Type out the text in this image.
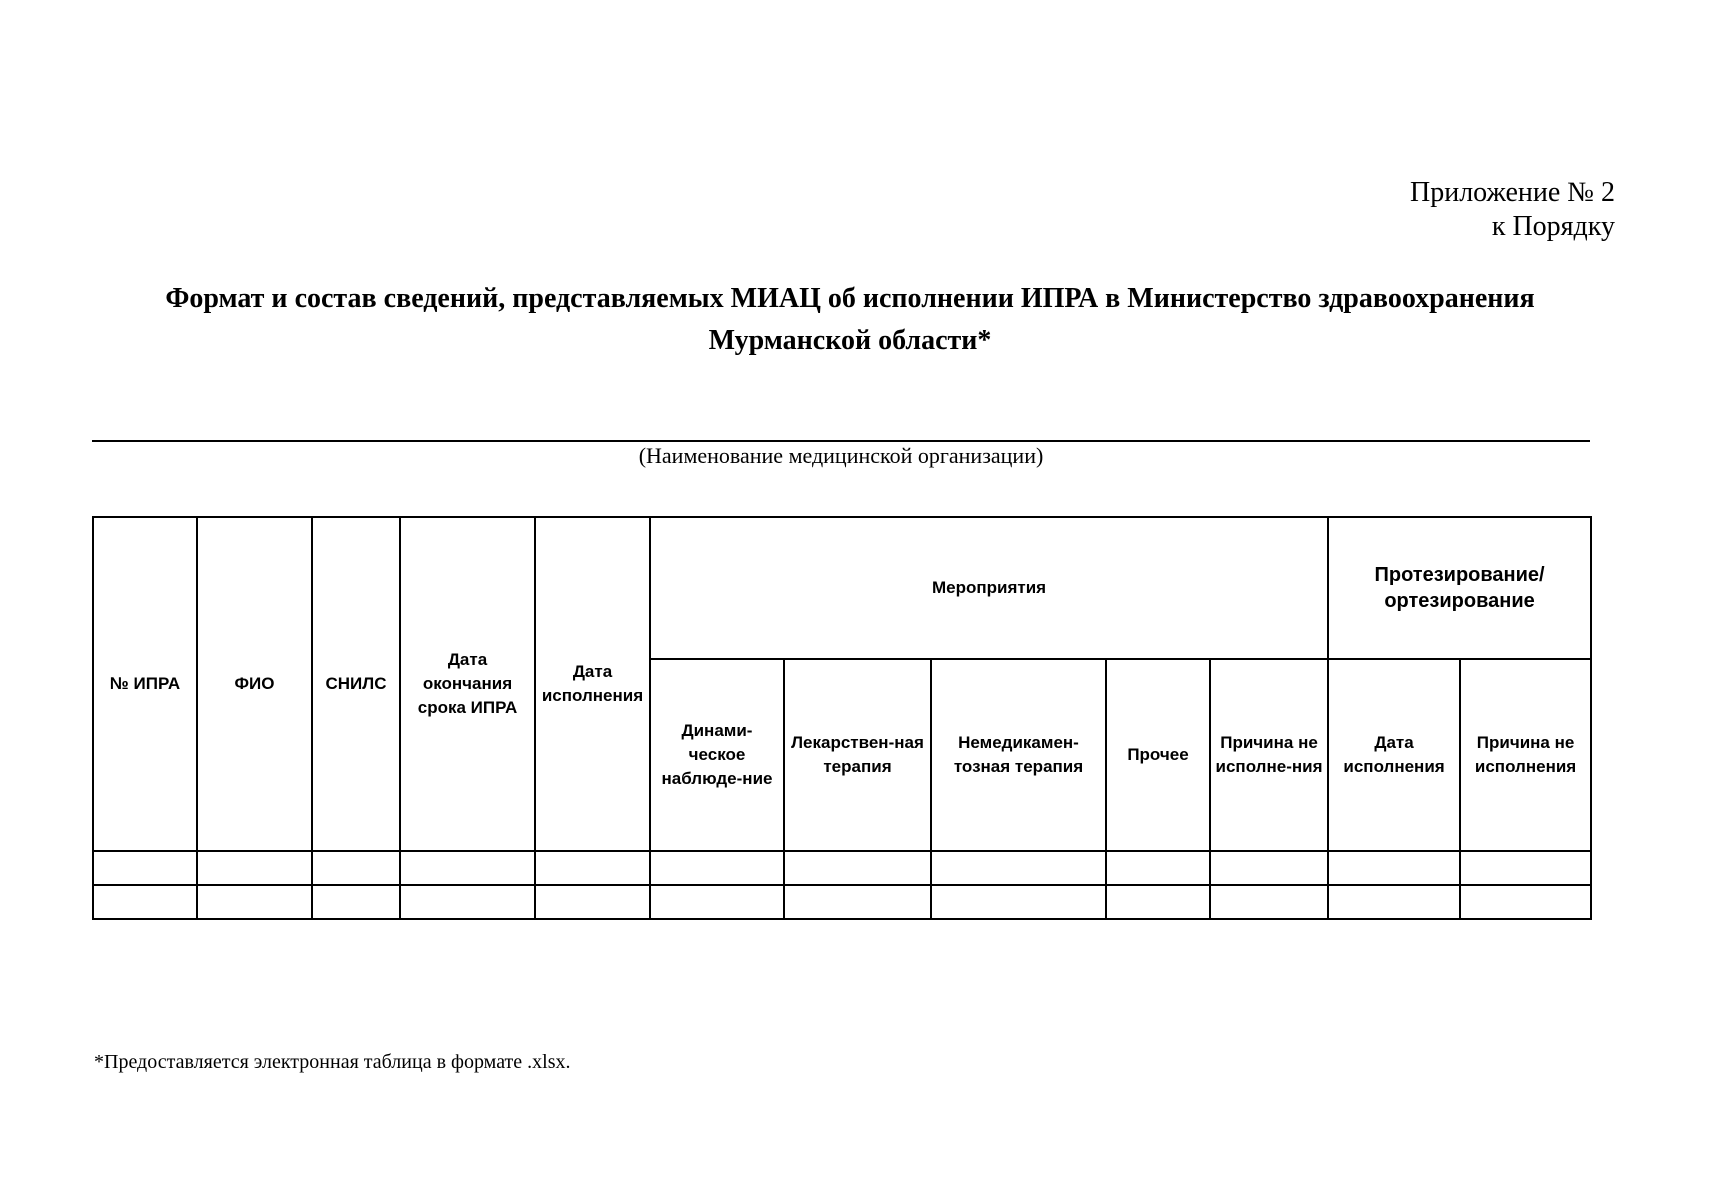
Приложение № 2
к Порядку
Формат и состав сведений, представляемых МИАЦ об исполнении ИПРА в Министерство здравоохранения
Мурманской области*
(Наименование медицинской организации)
№ ИПРА	ФИО	СНИЛС	Дата окончания срока ИПРА	Дата исполнения	Мероприятия					Протезирование/ ортезирование	
					Динами-ческое наблюде-ние	Лекарствен-ная терапия	Немедикамен-тозная терапия	Прочее	Причина не исполне-ния	Дата исполнения	Причина не исполнения

*Предоставляется электронная таблица в формате .xlsx.
